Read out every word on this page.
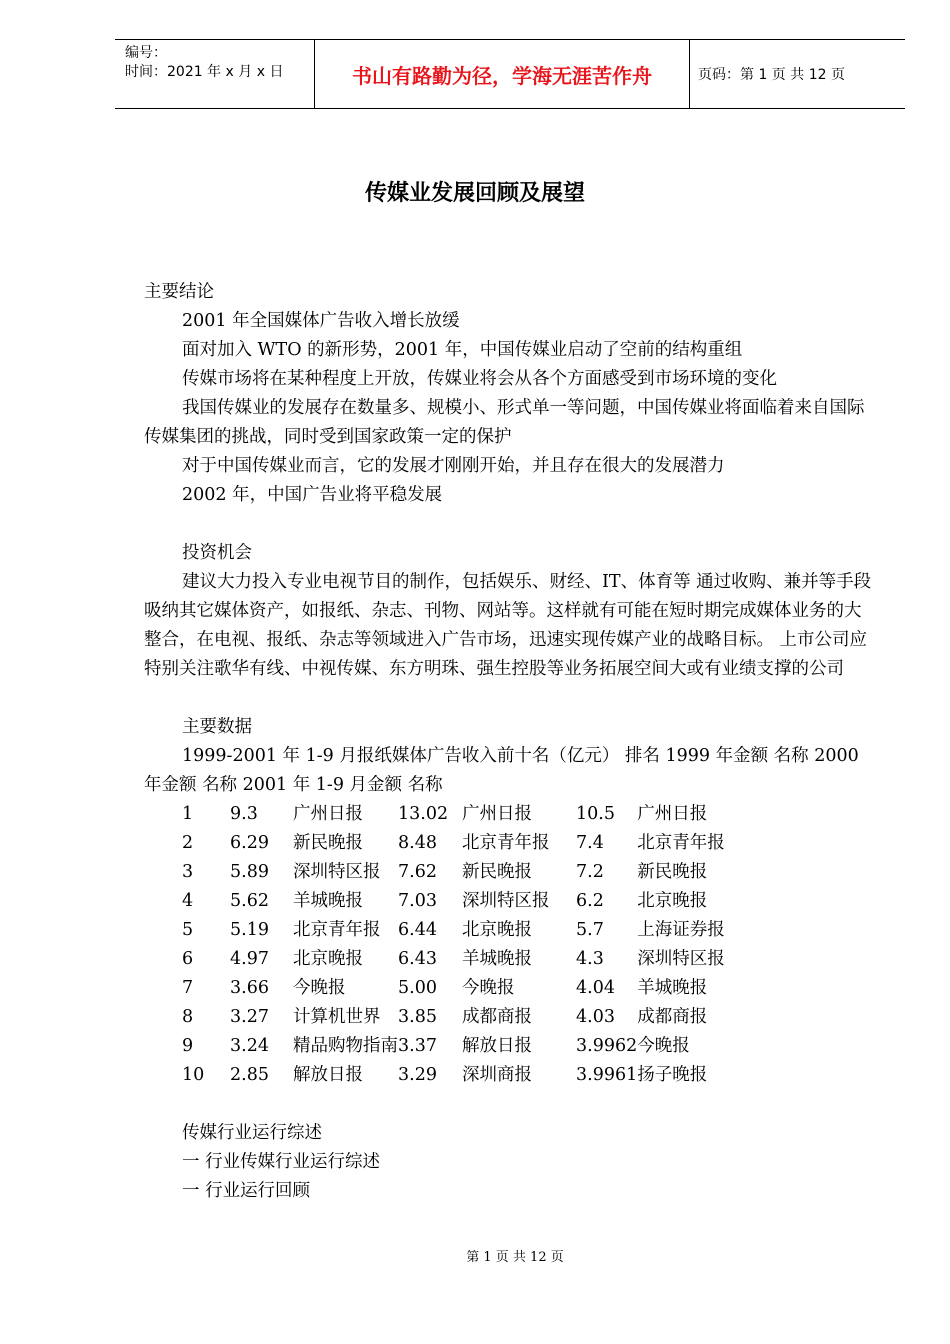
编号：
时间：2021 年 x 月 x 日	书山有路勤为径，学海无涯苦作舟	页码：第 1 页 共 12 页
传媒业发展回顾及展望

主要结论

2001 年全国媒体广告收入增长放缓

面对加入 WTO 的新形势，2001 年，中国传媒业启动了空前的结构重组

传媒市场将在某种程度上开放，传媒业将会从各个方面感受到市场环境的变化

我国传媒业的发展存在数量多、规模小、形式单一等问题，中国传媒业将面临着来自国际传媒集团的挑战，同时受到国家政策一定的保护

对于中国传媒业而言，它的发展才刚刚开始，并且存在很大的发展潜力

2002 年，中国广告业将平稳发展

投资机会

建议大力投入专业电视节目的制作，包括娱乐、财经、IT、体育等 通过收购、兼并等手段吸纳其它媒体资产，如报纸、杂志、刊物、网站等。这样就有可能在短时期完成媒体业务的大整合，在电视、报纸、杂志等领域进入广告市场，迅速实现传媒产业的战略目标。 上市公司应特别关注歌华有线、中视传媒、东方明珠、强生控股等业务拓展空间大或有业绩支撑的公司

主要数据

1999-2001 年 1-9 月报纸媒体广告收入前十名（亿元） 排名 1999 年金额 名称 2000 年金额 名称 2001 年 1-9 月金额 名称

1	9.3	广州日报	13.02	广州日报	10.5	广州日报
2	6.29	新民晚报	8.48	北京青年报	7.4	北京青年报
3	5.89	深圳特区报	7.62	新民晚报	7.2	新民晚报
4	5.62	羊城晚报	7.03	深圳特区报	6.2	北京晚报
5	5.19	北京青年报	6.44	北京晚报	5.7	上海证券报
6	4.97	北京晚报	6.43	羊城晚报	4.3	深圳特区报
7	3.66	今晚报	5.00	今晚报	4.04	羊城晚报
8	3.27	计算机世界	3.85	成都商报	4.03	成都商报
9	3.24	精品购物指南	3.37	解放日报	3.9962	今晚报
10	2.85	解放日报	3.29	深圳商报	3.9961	扬子晚报

传媒行业运行综述

一 行业传媒行业运行综述

一 行业运行回顾

第 1 页 共 12 页
